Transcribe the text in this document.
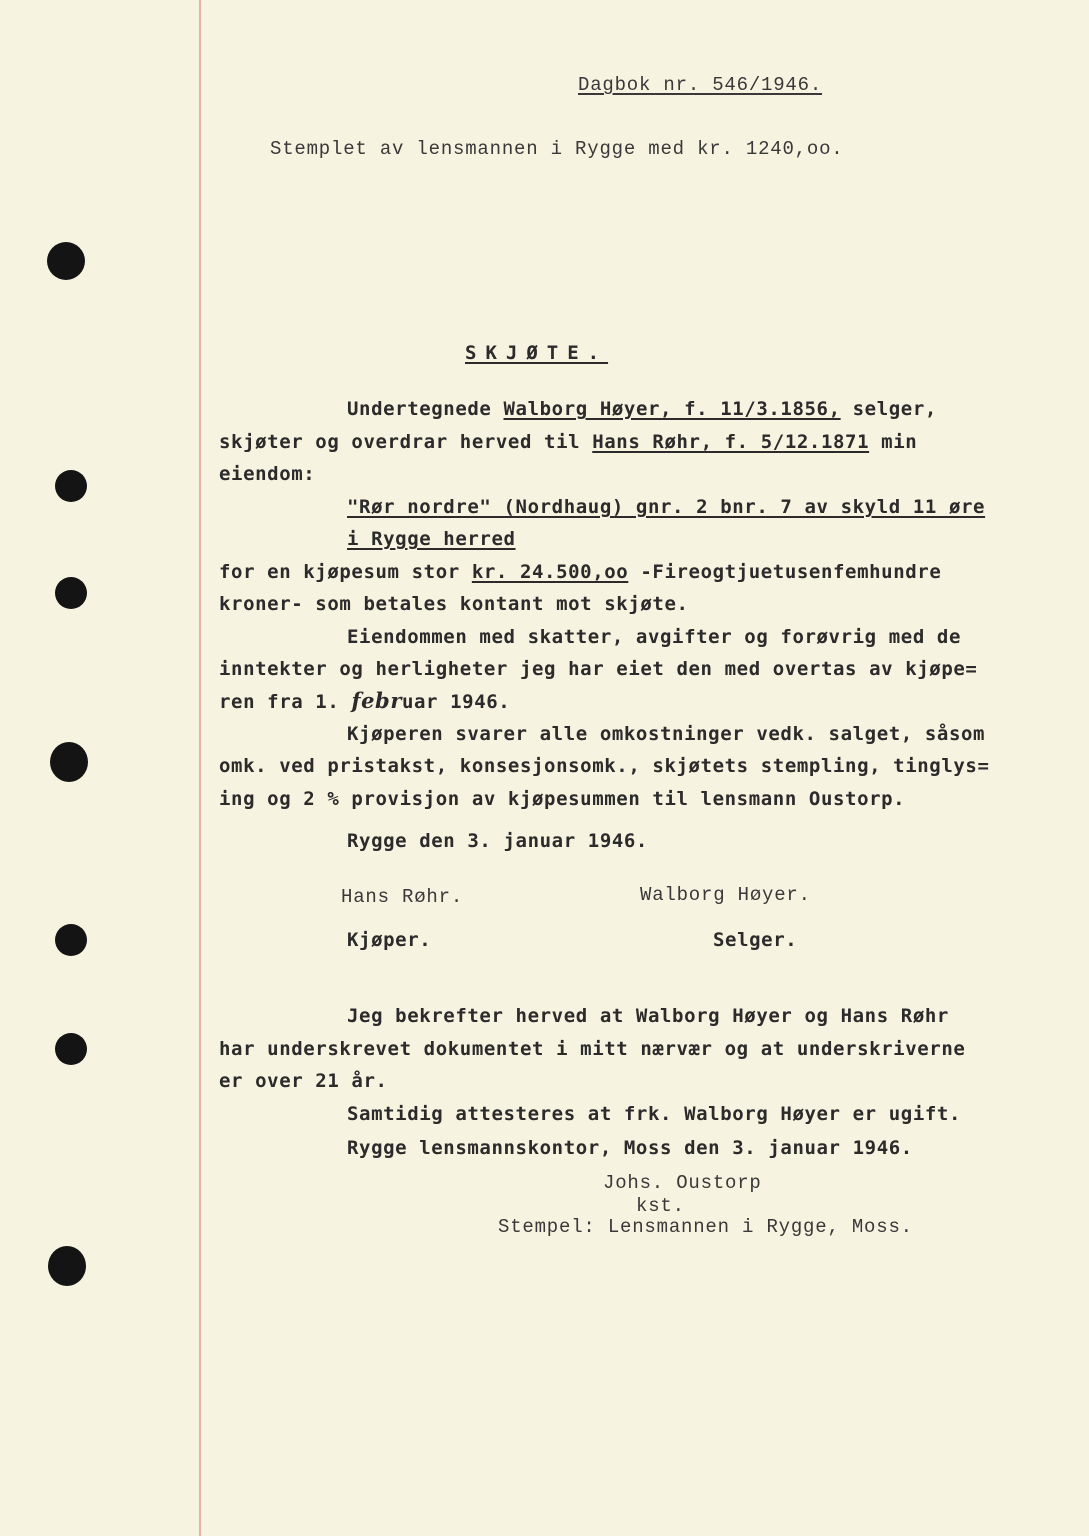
Dagbok nr. 546/1946.
Stemplet av lensmannen i Rygge med kr. 1240,oo.
SKJØTE.
Undertegnede Walborg Høyer, f. 11/3.1856, selger,
skjøter og overdrar herved til Hans Røhr, f. 5/12.1871 min
eiendom:
"Rør nordre" (Nordhaug) gnr. 2 bnr. 7 av skyld 11 øre
i Rygge herred
for en kjøpesum stor kr. 24.500,oo -Fireogtjuetusenfemhundre
kroner- som betales kontant mot skjøte.
Eiendommen med skatter, avgifter og forøvrig med de
inntekter og herligheter jeg har eiet den med overtas av kjøpe=
ren fra 1. februar 1946.
Kjøperen svarer alle omkostninger vedk. salget, såsom
omk. ved pristakst, konsesjonsomk., skjøtets stempling, tinglys=
ing og 2 % provisjon av kjøpesummen til lensmann Oustorp.
Rygge den 3. januar 1946.
Hans Røhr.	Walborg Høyer.
Kjøper.	Selger.
Jeg bekrefter herved at Walborg Høyer og Hans Røhr
har underskrevet dokumentet i mitt nærvær og at underskriverne
er over 21 år.
Samtidig attesteres at frk. Walborg Høyer er ugift.
Rygge lensmannskontor, Moss den 3. januar 1946.
Johs. Oustorp
kst.
Stempel: Lensmannen i Rygge, Moss.
